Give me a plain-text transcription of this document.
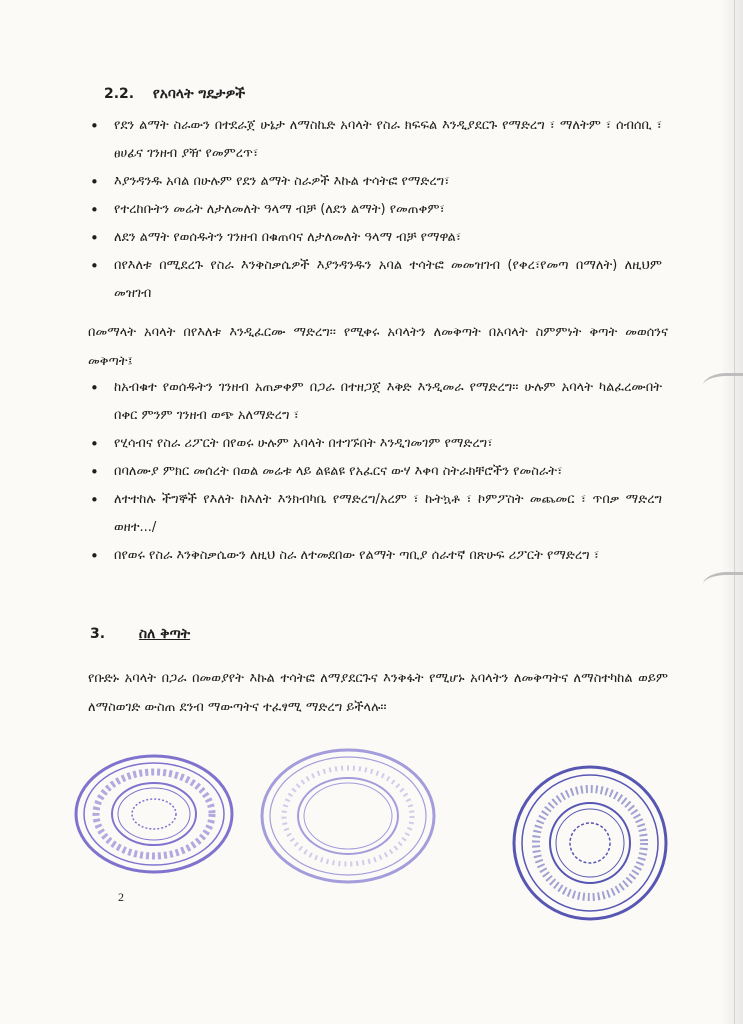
2.2. የአባላት ግዴታዎች
• የደን ልማት ስራውን በተደራጀ ሁኔታ ለማስኬድ አባላት የስራ ክፍፍል እንዲያደርጉ የማድረግ ፣ ማለትም ፣ ሰብሰቢ ፣ ፀሀፊና ገንዘብ ያዥ የመምረጥ፣
• እያንዳንዱ አባል በሁሉም የደን ልማት ስራዎች እኩል ተሳትፎ የማድረግ፣
• የተረከቡትን መሬት ለታለመለት ዓላማ ብቻ (ለደን ልማት) የመጠቀም፣
• ለደን ልማት የወሰዱትን ገንዘብ በቁጠባና ለታለመለት ዓላማ ብቻ የማዋል፣
• በየእለቱ በሚደረጉ የስራ እንቅስቃሴዎች እያንዳንዱን አባል ተሳትፎ መመዝገብ (የቀረ፣የመጣ በማለት) ለዚህም መዝገብ

በመማላት አባላት በየእለቱ እንዲፈርሙ ማድረግ፡፡ የሚቀሩ አባላትን ለመቅጣት በአባላት ስምምነት ቅጣት መወሰንና መቅጣት፤

• ከአብቁተ የወሰዱትን ገንዘብ አጠቃቀም በጋራ በተዘጋጀ እቅድ እንዲመራ የማድረግ፡፡ ሁሉም አባላት ካልፈረሙበት በቀር ምንም ገንዘብ ወጭ አለማድረግ ፣
• የሂሳብና የስራ ሪፖርት በየወሩ ሁሉም አባላት በተገኙበት እንዲገመገም የማድረግ፣
• በባለሙያ ምክር መሰረት በወል መሬቱ ላይ ልዩልዩ የአፈርና ውሃ እቀባ ስትራክቸሮችን የመስራት፣
• ለተተከሉ ችግኞች የእለት ከእለት እንክብካቤ የማድረግ/አረም ፣ ኩትኳቶ ፣ ኮምፖስት መጨመር ፣ ጥበቃ ማድረግ ወዘተ.../
• በየወሩ የስራ እንቅስቃሴውን ለዚህ ስራ ለተመደበው የልማት ጣቢያ ሰራተኛ በጽሁፍ ሪፖርት የማድረግ ፣
3. ስለ ቅጣት

የቡድኑ አባላት በጋራ በመወያየት እኩል ተሳትፎ ለማያደርጉና እንቅፋት የሚሆኑ አባላትን ለመቅጣትና ለማስተካከል ወይም ለማስወገድ ውስጠ ደንብ ማውጣትና ተፈፃሚ ማድረግ ይችላሉ፡፡

2
